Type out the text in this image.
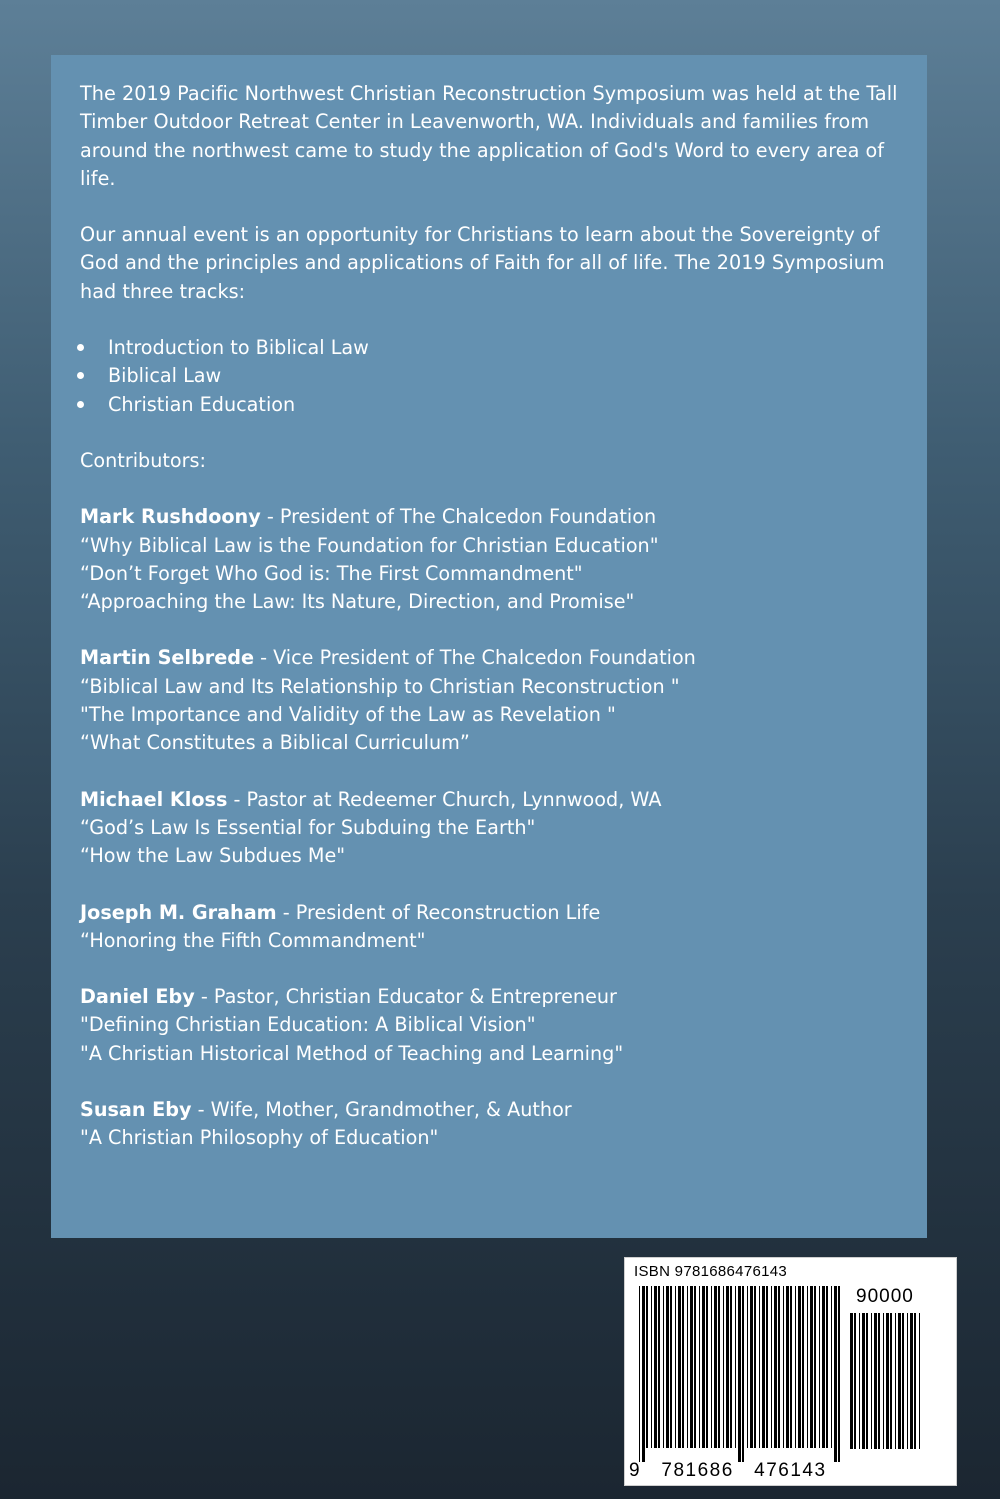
The 2019 Pacific Northwest Christian Reconstruction Symposium was held at the Tall Timber Outdoor Retreat Center in Leavenworth, WA. Individuals and families from around the northwest came to study the application of God's Word to every area of life.

Our annual event is an opportunity for Christians to learn about the Sovereignty of God and the principles and applications of Faith for all of life. The 2019 Symposium had three tracks:

Introduction to Biblical Law
Biblical Law
Christian Education

Contributors:

Mark Rushdoony - President of The Chalcedon Foundation
“Why Biblical Law is the Foundation for Christian Education"
“Don’t Forget Who God is: The First Commandment"
“Approaching the Law: Its Nature, Direction, and Promise"
Martin Selbrede - Vice President of The Chalcedon Foundation
“Biblical Law and Its Relationship to Christian Reconstruction "
"The Importance and Validity of the Law as Revelation "
“What Constitutes a Biblical Curriculum”
Michael Kloss - Pastor at Redeemer Church, Lynnwood, WA
“God’s Law Is Essential for Subduing the Earth"
“How the Law Subdues Me"
Joseph M. Graham - President of Reconstruction Life
“Honoring the Fifth Commandment"
Daniel Eby - Pastor, Christian Educator & Entrepreneur
"Defining Christian Education: A Biblical Vision"
"A Christian Historical Method of Teaching and Learning"
Susan Eby - Wife, Mother, Grandmother, & Author
"A Christian Philosophy of Education"
ISBN 9781686476143
90000
9   781686   476143
